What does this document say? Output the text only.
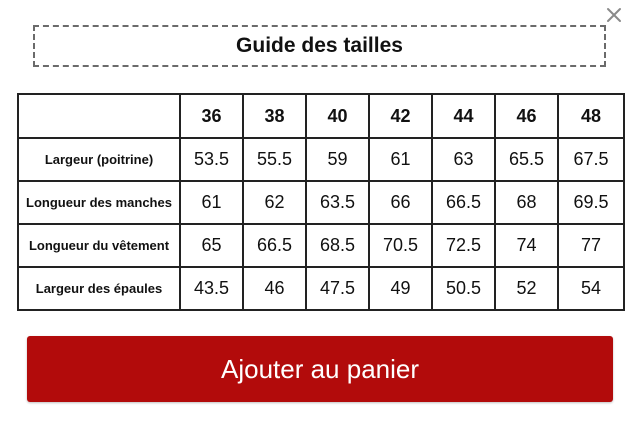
Guide des tailles
	36	38	40	42	44	46	48
Largeur (poitrine)	53.5	55.5	59	61	63	65.5	67.5
Longueur des manches	61	62	63.5	66	66.5	68	69.5
Longueur du vêtement	65	66.5	68.5	70.5	72.5	74	77
Largeur des épaules	43.5	46	47.5	49	50.5	52	54
Ajouter au panier
